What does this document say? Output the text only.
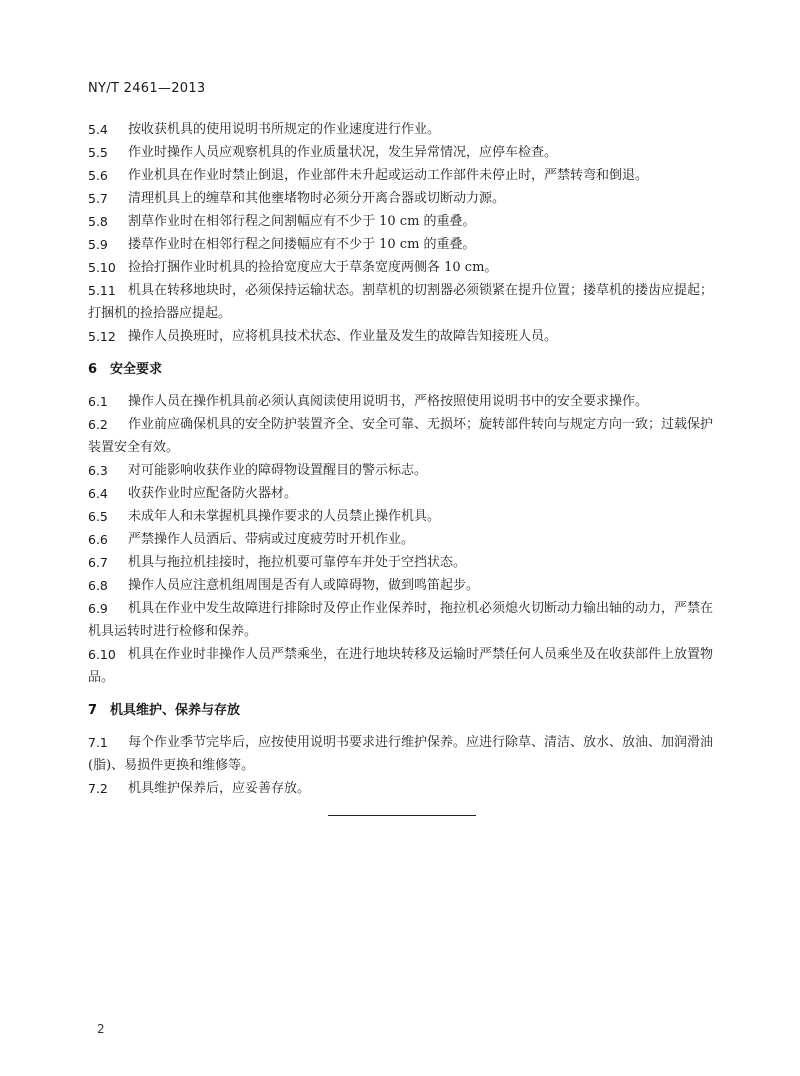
NY/T 2461—2013
5.4 按收获机具的使用说明书所规定的作业速度进行作业。
5.5 作业时操作人员应观察机具的作业质量状况，发生异常情况，应停车检查。
5.6 作业机具在作业时禁止倒退，作业部件未升起或运动工作部件未停止时，严禁转弯和倒退。
5.7 清理机具上的缠草和其他壅堵物时必须分开离合器或切断动力源。
5.8 割草作业时在相邻行程之间割幅应有不少于 10 cm 的重叠。
5.9 搂草作业时在相邻行程之间搂幅应有不少于 10 cm 的重叠。
5.10 捡拾打捆作业时机具的捡拾宽度应大于草条宽度两侧各 10 cm。
5.11 机具在转移地块时，必须保持运输状态。割草机的切割器必须锁紧在提升位置；搂草机的搂齿应提起；打捆机的捡拾器应提起。
5.12 操作人员换班时，应将机具技术状态、作业量及发生的故障告知接班人员。
6 安全要求
6.1 操作人员在操作机具前必须认真阅读使用说明书，严格按照使用说明书中的安全要求操作。
6.2 作业前应确保机具的安全防护装置齐全、安全可靠、无损坏；旋转部件转向与规定方向一致；过载保护装置安全有效。
6.3 对可能影响收获作业的障碍物设置醒目的警示标志。
6.4 收获作业时应配备防火器材。
6.5 未成年人和未掌握机具操作要求的人员禁止操作机具。
6.6 严禁操作人员酒后、带病或过度疲劳时开机作业。
6.7 机具与拖拉机挂接时，拖拉机要可靠停车并处于空挡状态。
6.8 操作人员应注意机组周围是否有人或障碍物，做到鸣笛起步。
6.9 机具在作业中发生故障进行排除时及停止作业保养时，拖拉机必须熄火切断动力输出轴的动力，严禁在机具运转时进行检修和保养。
6.10 机具在作业时非操作人员严禁乘坐，在进行地块转移及运输时严禁任何人员乘坐及在收获部件上放置物品。
7 机具维护、保养与存放
7.1 每个作业季节完毕后，应按使用说明书要求进行维护保养。应进行除草、清洁、放水、放油、加润滑油(脂)、易损件更换和维修等。
7.2 机具维护保养后，应妥善存放。
2
